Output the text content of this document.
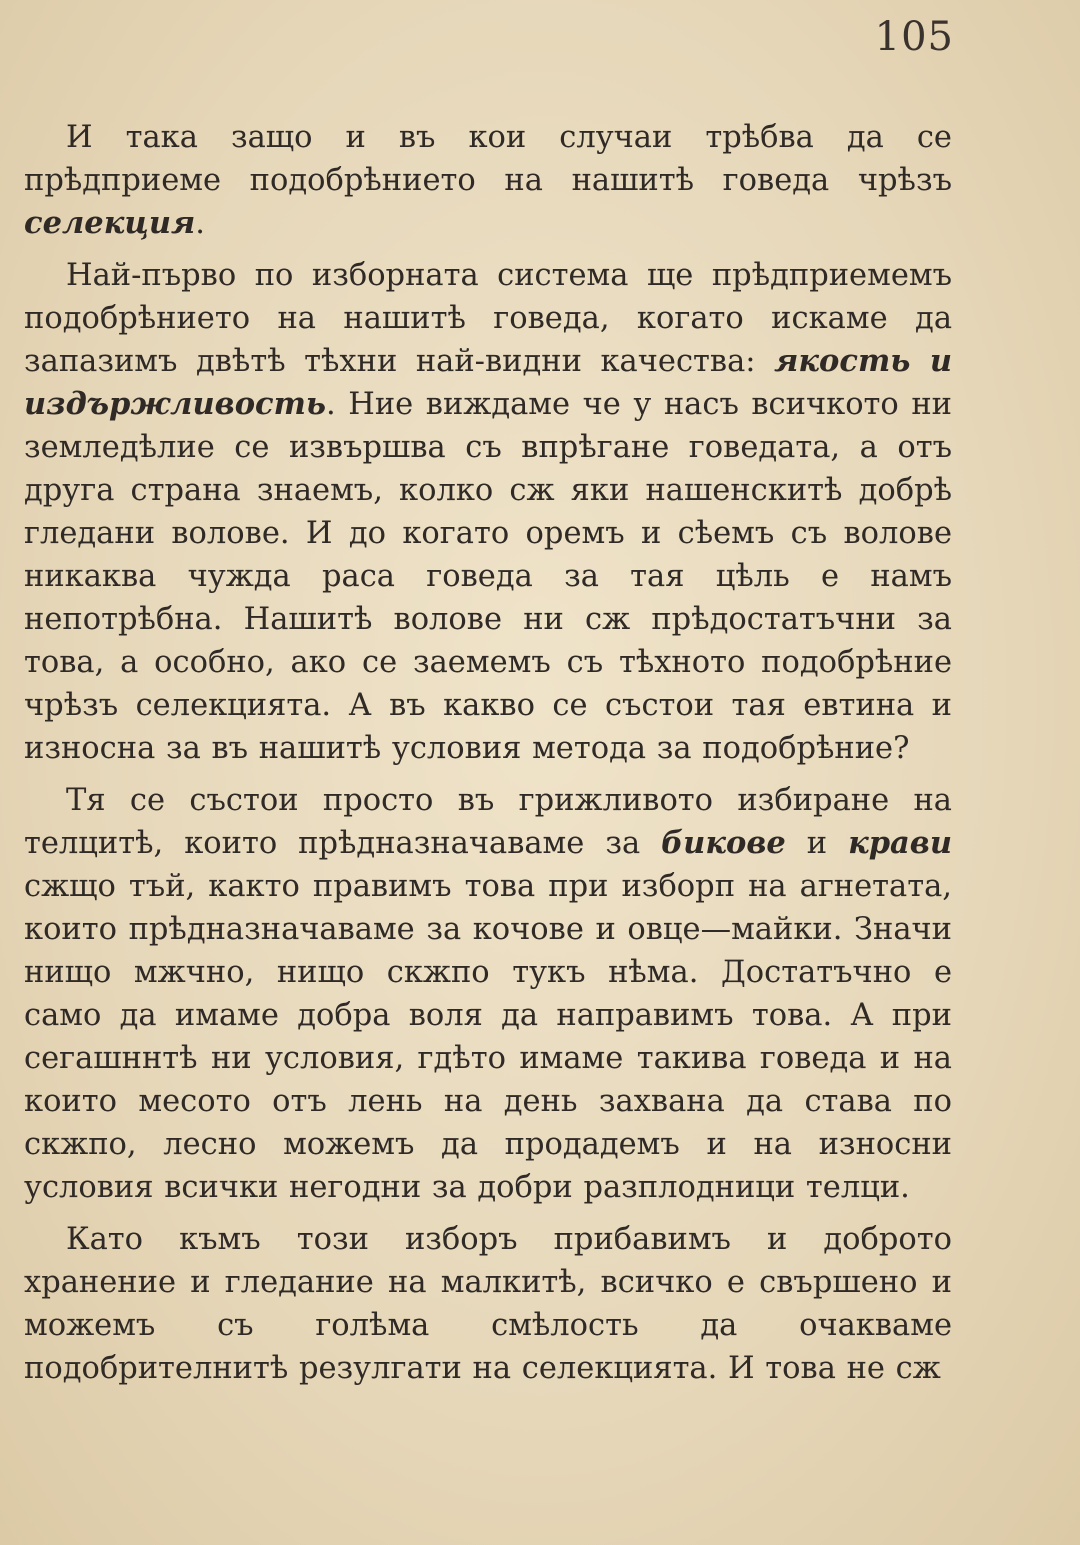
105

И така защо и въ кои случаи трѣбва да се прѣдприеме подобрѣнието на нашитѣ говеда чрѣзъ селекция.

Най-първо по изборната система ще прѣдприемемъ подобрѣнието на нашитѣ говеда, когато искаме да запазимъ двѣтѣ тѣхни най-видни качества: якость и издържливость. Ние виждаме че у насъ всичкото ни земледѣлие се извършва съ впрѣгане говедата, а отъ друга страна знаемъ, колко сж яки нашенскитѣ добрѣ гледани волове. И до когато оремъ и сѣемъ съ волове никаква чужда раса говеда за тая цѣль е намъ непотрѣбна. Нашитѣ волове ни сж прѣдостатъчни за това, а особно, ако се заемемъ съ тѣхното подобрѣние чрѣзъ селекцията. А въ какво се състои тая евтина и износна за въ нашитѣ условия метода за подобрѣние?

Тя се състои просто въ грижливото избиране на телцитѣ, които прѣдназначаваме за бикове и крави сжщо тъй, както правимъ това при изборп на агнетата, които прѣдназначаваме за кочове и овце—майки. Значи нищо мжчно, нищо скжпо тукъ нѣма. Достатъчно е само да имаме добра воля да направимъ това. А при сегашннтѣ ни условия, гдѣто имаме такива говеда и на които месото отъ лень на день захвана да става по скжпо, лесно можемъ да продадемъ и на износни условия всички негодни за добри разплодници телци.

Като къмъ този изборъ прибавимъ и доброто хранение и гледание на малкитѣ, всичко е свършено и можемъ съ голѣма смѣлость да очакваме подобрителнитѣ резулгати на селекцията. И това не сж
